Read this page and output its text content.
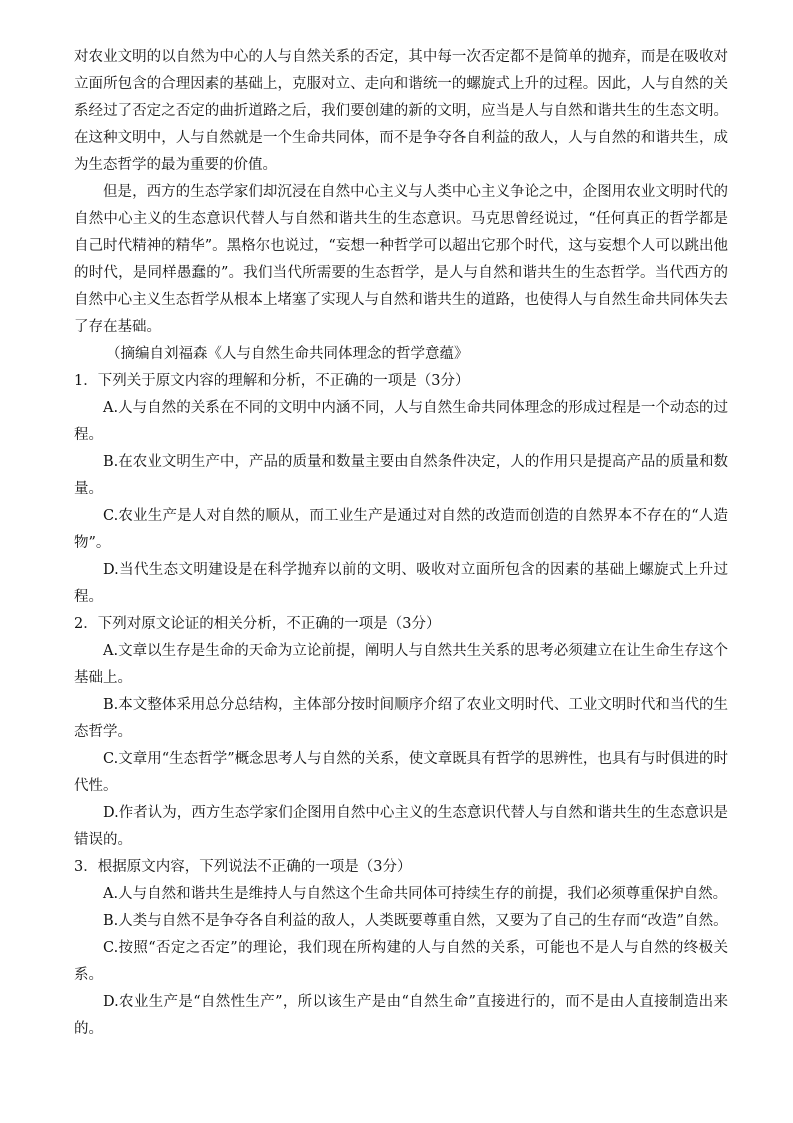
对农业文明的以自然为中心的人与自然关系的否定，其中每一次否定都不是简单的抛弃，而是在吸收对立面所包含的合理因素的基础上，克服对立、走向和谐统一的螺旋式上升的过程。因此，人与自然的关系经过了否定之否定的曲折道路之后，我们要创建的新的文明，应当是人与自然和谐共生的生态文明。在这种文明中，人与自然就是一个生命共同体，而不是争夺各自利益的敌人，人与自然的和谐共生，成为生态哲学的最为重要的价值。

但是，西方的生态学家们却沉浸在自然中心主义与人类中心主义争论之中，企图用农业文明时代的自然中心主义的生态意识代替人与自然和谐共生的生态意识。马克思曾经说过，“任何真正的哲学都是自己时代精神的精华”。黑格尔也说过，“妄想一种哲学可以超出它那个时代，这与妄想个人可以跳出他的时代，是同样愚蠢的”。我们当代所需要的生态哲学，是人与自然和谐共生的生态哲学。当代西方的自然中心主义生态哲学从根本上堵塞了实现人与自然和谐共生的道路，也使得人与自然生命共同体失去了存在基础。

（摘编自刘福森《人与自然生命共同体理念的哲学意蕴》

1．下列关于原文内容的理解和分析，不正确的一项是（3分）

A.人与自然的关系在不同的文明中内涵不同，人与自然生命共同体理念的形成过程是一个动态的过程。

B.在农业文明生产中，产品的质量和数量主要由自然条件决定，人的作用只是提高产品的质量和数量。

C.农业生产是人对自然的顺从，而工业生产是通过对自然的改造而创造的自然界本不存在的“人造物”。

D.当代生态文明建设是在科学抛弃以前的文明、吸收对立面所包含的因素的基础上螺旋式上升过程。

2．下列对原文论证的相关分析，不正确的一项是（3分）

A.文章以生存是生命的天命为立论前提，阐明人与自然共生关系的思考必须建立在让生命生存这个基础上。

B.本文整体采用总分总结构，主体部分按时间顺序介绍了农业文明时代、工业文明时代和当代的生态哲学。

C.文章用“生态哲学”概念思考人与自然的关系，使文章既具有哲学的思辨性，也具有与时俱进的时代性。

D.作者认为，西方生态学家们企图用自然中心主义的生态意识代替人与自然和谐共生的生态意识是错误的。

3．根据原文内容，下列说法不正确的一项是（3分）

A.人与自然和谐共生是维持人与自然这个生命共同体可持续生存的前提，我们必须尊重保护自然。

B.人类与自然不是争夺各自利益的敌人，人类既要尊重自然，又要为了自己的生存而“改造”自然。

C.按照“否定之否定”的理论，我们现在所构建的人与自然的关系，可能也不是人与自然的终极关系。

D.农业生产是“自然性生产”，所以该生产是由“自然生命”直接进行的，而不是由人直接制造出来的。
